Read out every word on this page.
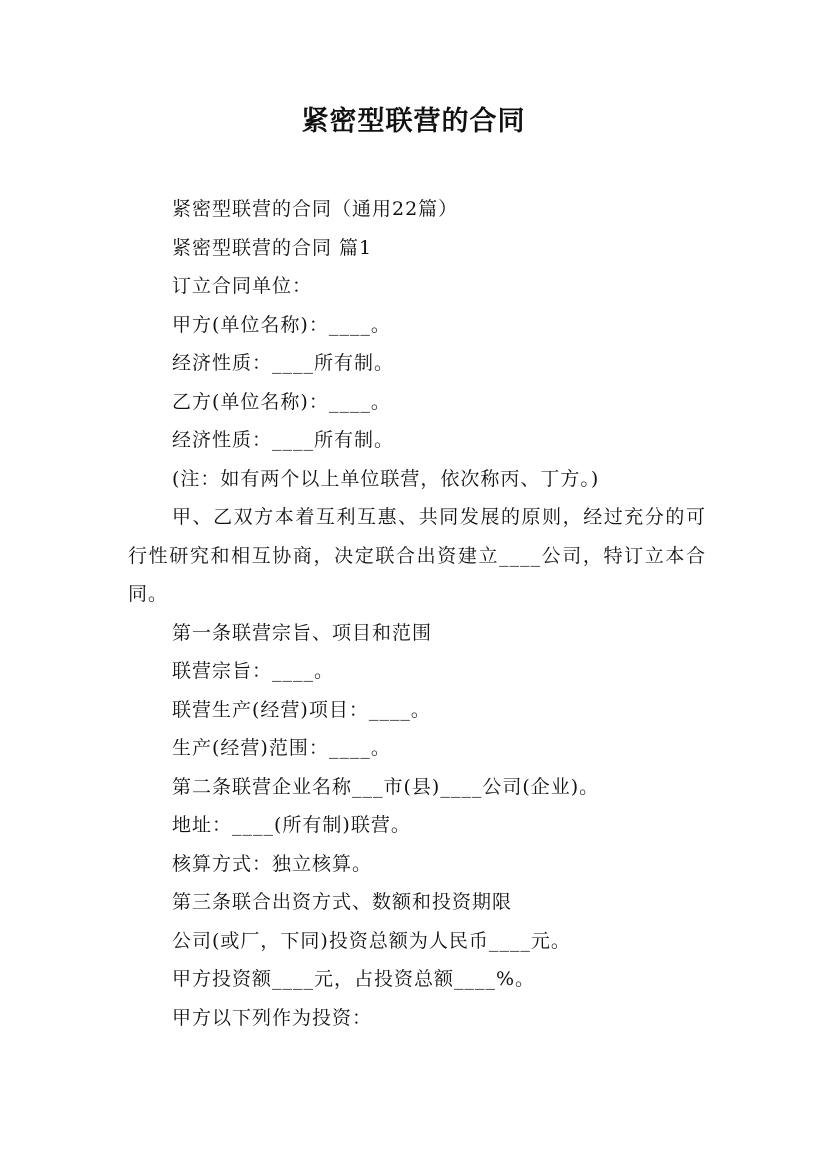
紧密型联营的合同

紧密型联营的合同（通用22篇）

紧密型联营的合同 篇1

订立合同单位：

甲方(单位名称)：____。

经济性质：____所有制。

乙方(单位名称)：____。

经济性质：____所有制。

(注：如有两个以上单位联营，依次称丙、丁方。)

甲、乙双方本着互利互惠、共同发展的原则，经过充分的可行性研究和相互协商，决定联合出资建立____公司，特订立本合同。

第一条联营宗旨、项目和范围

联营宗旨：____。

联营生产(经营)项目：____。

生产(经营)范围：____。

第二条联营企业名称___市(县)____公司(企业)。

地址：____(所有制)联营。

核算方式：独立核算。

第三条联合出资方式、数额和投资期限

公司(或厂，下同)投资总额为人民币____元。

甲方投资额____元，占投资总额____%。

甲方以下列作为投资：
